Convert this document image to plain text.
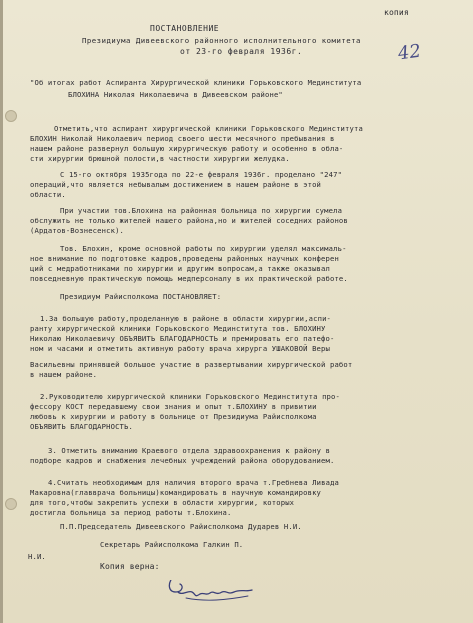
копия
ПОСТАНОВЛЕНИЕ
Президиума Дивеевского районного исполнительного комитета
от 23-го февраля 1936г.	42
"Об итогах работ Аспиранта Хирургической клиники Горьковского Мединститута
БЛОХИНА Николая Николаевича в Дивеевском районе"
Отметить,что аспирант хирургической клиники Горьковского Мединститута
БЛОХИН Николай Николаевич период своего шести месячного пребывания в
нашем районе развернул большую хирургическую работу и особенно в обла-
сти хирургии брюшной полости,в частности хирургии желудка.
С 15-го октября 1935года по 22-е февраля 1936г. проделано "247"
операций,что является небывалым достижением в нашем районе в этой
области.
При участии тов.Блохина на районная больница по хирургии сумела
обслужить не только жителей нашего района,но и жителей соседних районов
(Ардатов-Вознесенск).
Тов. Блохин, кроме основной работы по хирургии уделял максималь-
ное внимание по подготовке кадров,проведены районных научных конферен
ций с медработниками по хирургии и другим вопросам,а также оказывал
повседневную практическую помощь медперсоналу в их практической работе.
Президиум Райисполкома ПОСТАНОВЛЯЕТ:
1.За большую работу,проделанную в районе в области хирургии,аспи-
ранту хирургической клиники Горьковского Мединститута тов. БЛОХИНУ
Николаю Николаевичу ОБЪЯВИТЬ БЛАГОДАРНОСТЬ и премировать его патефо-
ном и часами и отметить активную работу врача хирурга УШАКОВОЙ Веры
Васильевны принявшей большое участие в развертывании хирургической работ
в нашем районе.
2.Руководителю хирургической клиники Горьковского Мединститута про-
фессору КОСТ передавшему свои знания и опыт т.БЛОХИНУ в привитии
любовь к хирургии и работу в больнице от Президиума Райисполкома
ОБЪЯВИТЬ БЛАГОДАРНОСТЬ.
3. Отметить вниманию Краевого отдела здравоохранения к району в
подборе кадров и снабжения лечебных учреждений района оборудованием.
4.Считать необходимым для наличия второго врача т.Гребнева Ливада
Макаровна(главврача больницы)командировать в научную командировку
для того,чтобы закрепить успехи в области хирургии, которых
достигла больница за период работы т.Блохина.
П.П.Председатель Дивеевского Райисполкома Дударев Н.И.
Секретарь Райисполкома Галкин П.
Н.И.
Копия верна:
